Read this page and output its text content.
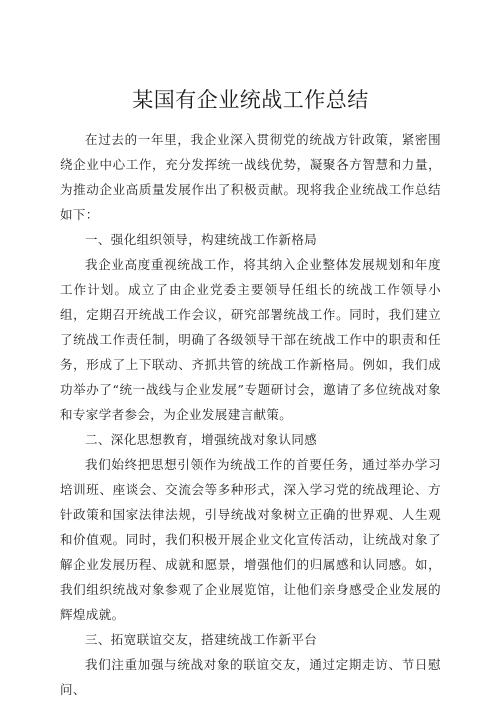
某国有企业统战工作总结

在过去的一年里，我企业深入贯彻党的统战方针政策，紧密围绕企业中心工作，充分发挥统一战线优势，凝聚各方智慧和力量，为推动企业高质量发展作出了积极贡献。现将我企业统战工作总结如下：

一、强化组织领导，构建统战工作新格局

我企业高度重视统战工作，将其纳入企业整体发展规划和年度工作计划。成立了由企业党委主要领导任组长的统战工作领导小组，定期召开统战工作会议，研究部署统战工作。同时，我们建立了统战工作责任制，明确了各级领导干部在统战工作中的职责和任务，形成了上下联动、齐抓共管的统战工作新格局。例如，我们成功举办了“统一战线与企业发展”专题研讨会，邀请了多位统战对象和专家学者参会，为企业发展建言献策。

二、深化思想教育，增强统战对象认同感

我们始终把思想引领作为统战工作的首要任务，通过举办学习培训班、座谈会、交流会等多种形式，深入学习党的统战理论、方针政策和国家法律法规，引导统战对象树立正确的世界观、人生观和价值观。同时，我们积极开展企业文化宣传活动，让统战对象了解企业发展历程、成就和愿景，增强他们的归属感和认同感。如，我们组织统战对象参观了企业展览馆，让他们亲身感受企业发展的辉煌成就。

三、拓宽联谊交友，搭建统战工作新平台

我们注重加强与统战对象的联谊交友，通过定期走访、节日慰问、
